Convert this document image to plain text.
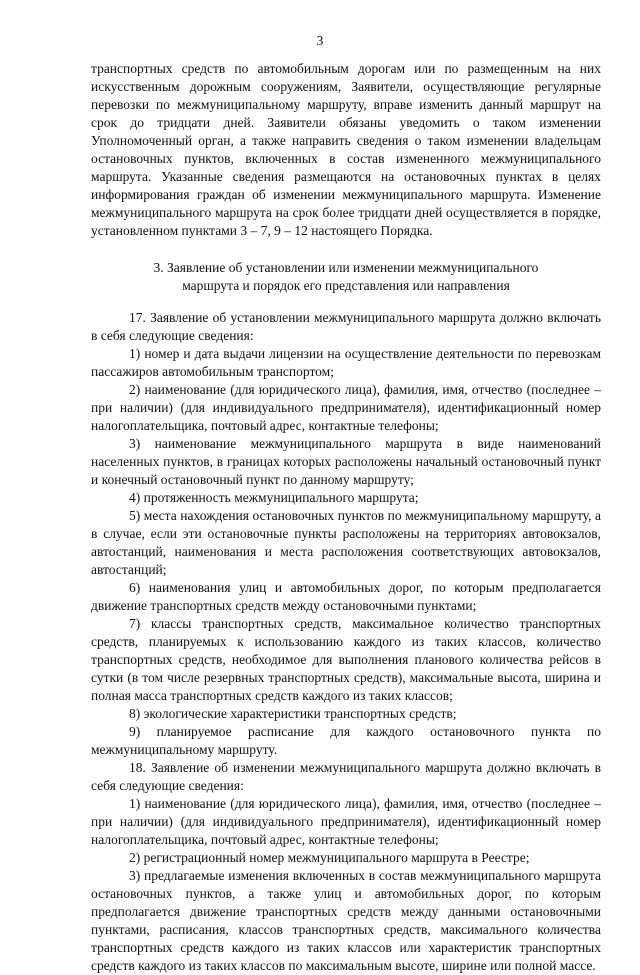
3

транспортных средств по автомобильным дорогам или по размещенным на них искусственным дорожным сооружениям, Заявители, осуществляющие регулярные перевозки по межмуниципальному маршруту, вправе изменить данный маршрут на срок до тридцати дней. Заявители обязаны уведомить о таком изменении Уполномоченный орган, а также направить сведения о таком изменении владельцам остановочных пунктов, включенных в состав измененного межмуниципального маршрута. Указанные сведения размещаются на остановочных пунктах в целях информирования граждан об изменении межмуниципального маршрута. Изменение межмуниципального маршрута на срок более тридцати дней осуществляется в порядке, установленном пунктами 3 – 7, 9 – 12 настоящего Порядка.

3. Заявление об установлении или изменении межмуниципального
маршрута и порядок его представления или направления

17. Заявление об установлении межмуниципального маршрута должно включать в себя следующие сведения:

1) номер и дата выдачи лицензии на осуществление деятельности по перевозкам пассажиров автомобильным транспортом;

2) наименование (для юридического лица), фамилия, имя, отчество (последнее – при наличии) (для индивидуального предпринимателя), идентификационный номер налогоплательщика, почтовый адрес, контактные телефоны;

3) наименование межмуниципального маршрута в виде наименований населенных пунктов, в границах которых расположены начальный остановочный пункт и конечный остановочный пункт по данному маршруту;

4) протяженность межмуниципального маршрута;

5) места нахождения остановочных пунктов по межмуниципальному маршруту, а в случае, если эти остановочные пункты расположены на территориях автовокзалов, автостанций, наименования и места расположения соответствующих автовокзалов, автостанций;

6) наименования улиц и автомобильных дорог, по которым предполагается движение транспортных средств между остановочными пунктами;

7) классы транспортных средств, максимальное количество транспортных средств, планируемых к использованию каждого из таких классов, количество транспортных средств, необходимое для выполнения планового количества рейсов в сутки (в том числе резервных транспортных средств), максимальные высота, ширина и полная масса транспортных средств каждого из таких классов;

8) экологические характеристики транспортных средств;

9) планируемое расписание для каждого остановочного пункта по межмуниципальному маршруту.

18. Заявление об изменении межмуниципального маршрута должно включать в себя следующие сведения:

1) наименование (для юридического лица), фамилия, имя, отчество (последнее – при наличии) (для индивидуального предпринимателя), идентификационный номер налогоплательщика, почтовый адрес, контактные телефоны;

2) регистрационный номер межмуниципального маршрута в Реестре;

3) предлагаемые изменения включенных в состав межмуниципального маршрута остановочных пунктов, а также улиц и автомобильных дорог, по которым предполагается движение транспортных средств между данными остановочными пунктами, расписания, классов транспортных средств, максимального количества транспортных средств каждого из таких классов или характеристик транспортных средств каждого из таких классов по максимальным высоте, ширине или полной массе.
